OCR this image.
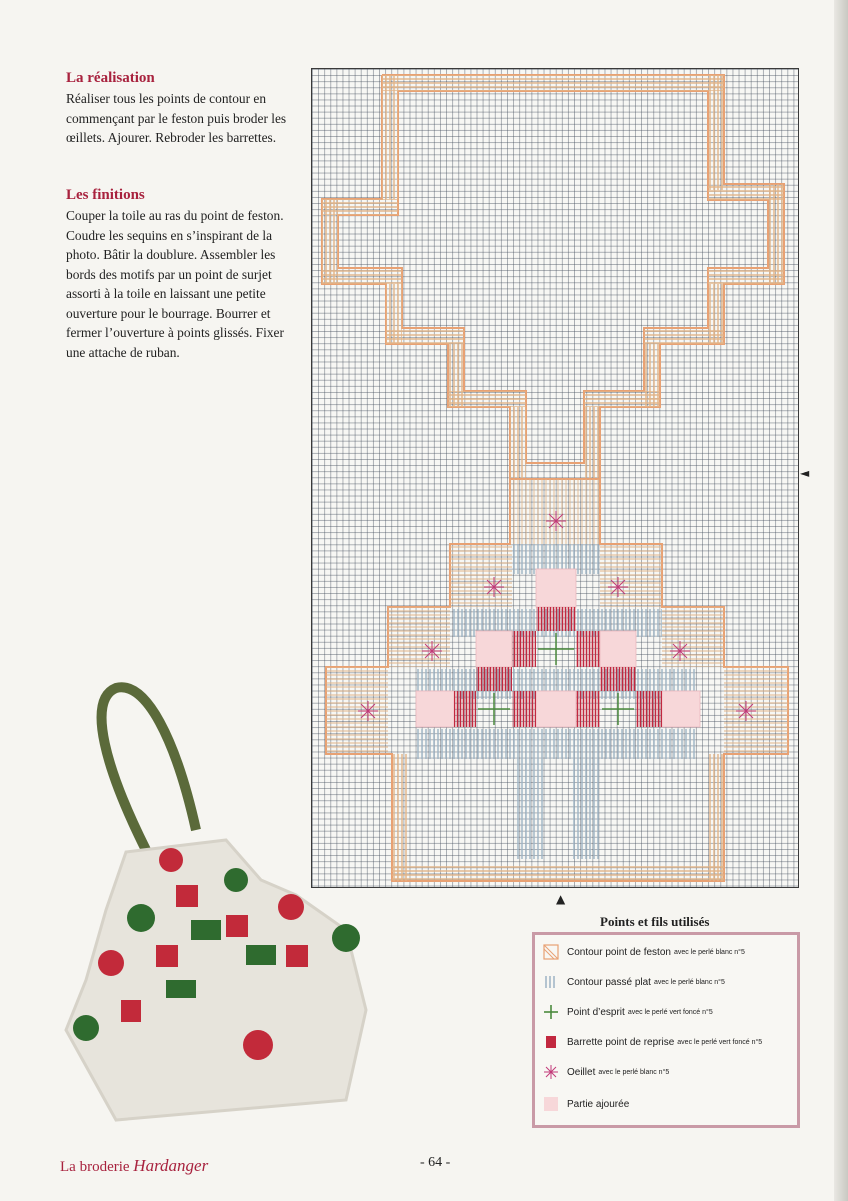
La réalisation

Réaliser tous les points de contour en commençant par le feston puis broder les œillets. Ajourer. Rebroder les barrettes.

Les finitions

Couper la toile au ras du point de feston. Coudre les sequins en s’inspirant de la photo. Bâtir la doublure. Assembler les bords des motifs par un point de surjet assorti à la toile en laissant une petite ouverture pour le bourrage. Bourrer et fermer l’ouverture à points glissés. Fixer une attache de ruban.

◄
▲
Points et fils utilisés
Contour point de feston avec le perlé blanc n°5
Contour passé plat avec le perlé blanc n°5
Point d’esprit avec le perlé vert foncé n°5
Barrette point de reprise avec le perlé vert foncé n°5
Oeillet avec le perlé blanc n°5
Partie ajourée
La broderie Hardanger	- 64 -
